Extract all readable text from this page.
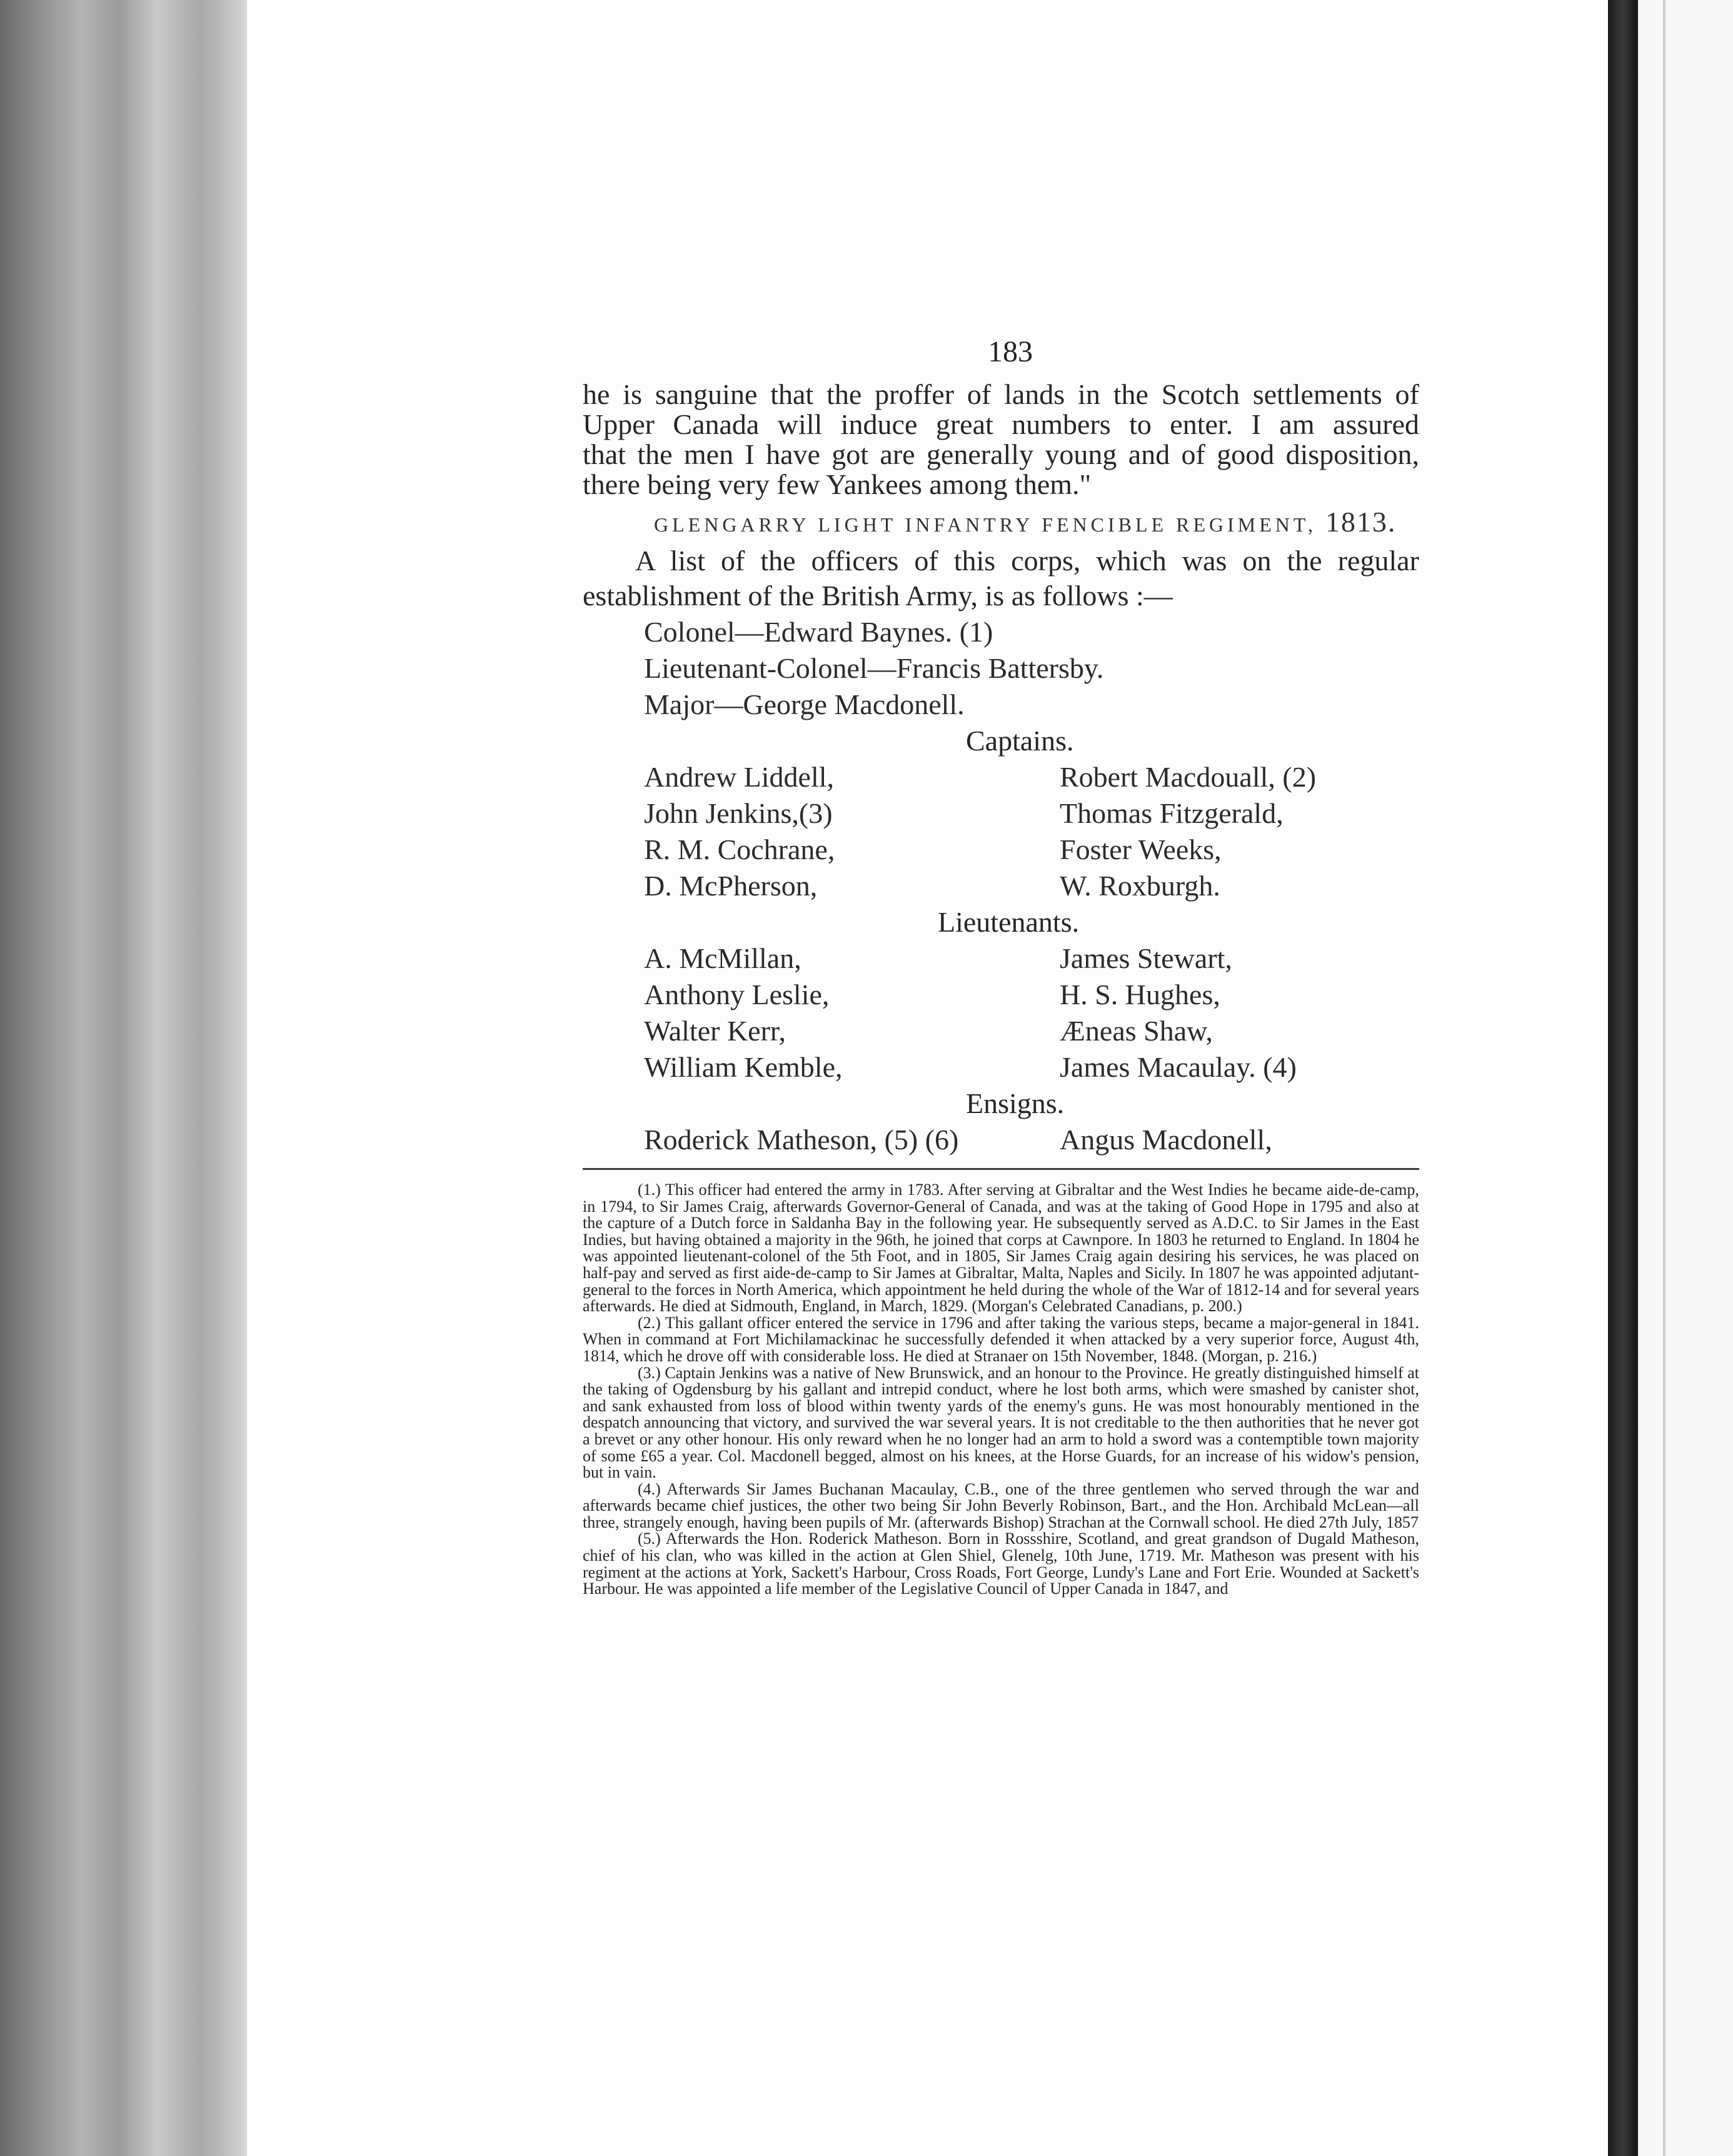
183
he is sanguine that the proffer of lands in the Scotch settlements of
Upper Canada will induce great numbers to enter. I am assured
that the men I have got are generally young and of good disposition,
there being very few Yankees among them."
GLENGARRY LIGHT INFANTRY FENCIBLE REGIMENT, 1813.
A list of the officers of this corps, which was on the regular
establishment of the British Army, is as follows :—
Colonel—Edward Baynes. (1)
Lieutenant-Colonel—Francis Battersby.
Major—George Macdonell.
Captains.
Andrew Liddell,	Robert Macdouall, (2)
John Jenkins,(3)	Thomas Fitzgerald,
R. M. Cochrane,	Foster Weeks,
D. McPherson,	W. Roxburgh.
Lieutenants.
A. McMillan,	James Stewart,
Anthony Leslie,	H. S. Hughes,
Walter Kerr,	Æneas Shaw,
William Kemble,	James Macaulay. (4)
Ensigns.
Roderick Matheson, (5) (6)	Angus Macdonell,

(1.) This officer had entered the army in 1783. After serving at Gibraltar and the West Indies he became aide-de-camp, in 1794, to Sir James Craig, afterwards Governor-General of Canada, and was at the taking of Good Hope in 1795 and also at the capture of a Dutch force in Saldanha Bay in the following year. He subsequently served as A.D.C. to Sir James in the East Indies, but having obtained a majority in the 96th, he joined that corps at Cawnpore. In 1803 he returned to England. In 1804 he was appointed lieutenant-colonel of the 5th Foot, and in 1805, Sir James Craig again desiring his services, he was placed on half-pay and served as first aide-de-camp to Sir James at Gibraltar, Malta, Naples and Sicily. In 1807 he was appointed adjutant-general to the forces in North America, which appointment he held during the whole of the War of 1812-14 and for several years afterwards. He died at Sidmouth, England, in March, 1829. (Morgan's Celebrated Canadians, p. 200.)

(2.) This gallant officer entered the service in 1796 and after taking the various steps, became a major-general in 1841. When in command at Fort Michilamackinac he successfully defended it when attacked by a very superior force, August 4th, 1814, which he drove off with considerable loss. He died at Stranaer on 15th November, 1848. (Morgan, p. 216.)

(3.) Captain Jenkins was a native of New Brunswick, and an honour to the Province. He greatly distinguished himself at the taking of Ogdensburg by his gallant and intrepid conduct, where he lost both arms, which were smashed by canister shot, and sank exhausted from loss of blood within twenty yards of the enemy's guns. He was most honourably mentioned in the despatch announcing that victory, and survived the war several years. It is not creditable to the then authorities that he never got a brevet or any other honour. His only reward when he no longer had an arm to hold a sword was a contemptible town majority of some £65 a year. Col. Macdonell begged, almost on his knees, at the Horse Guards, for an increase of his widow's pension, but in vain.

(4.) Afterwards Sir James Buchanan Macaulay, C.B., one of the three gentlemen who served through the war and afterwards became chief justices, the other two being Sir John Beverly Robinson, Bart., and the Hon. Archibald McLean—all three, strangely enough, having been pupils of Mr. (afterwards Bishop) Strachan at the Cornwall school. He died 27th July, 1857

(5.) Afterwards the Hon. Roderick Matheson. Born in Rossshire, Scotland, and great grandson of Dugald Matheson, chief of his clan, who was killed in the action at Glen Shiel, Glenelg, 10th June, 1719. Mr. Matheson was present with his regiment at the actions at York, Sackett's Harbour, Cross Roads, Fort George, Lundy's Lane and Fort Erie. Wounded at Sackett's Harbour. He was appointed a life member of the Legislative Council of Upper Canada in 1847, and
